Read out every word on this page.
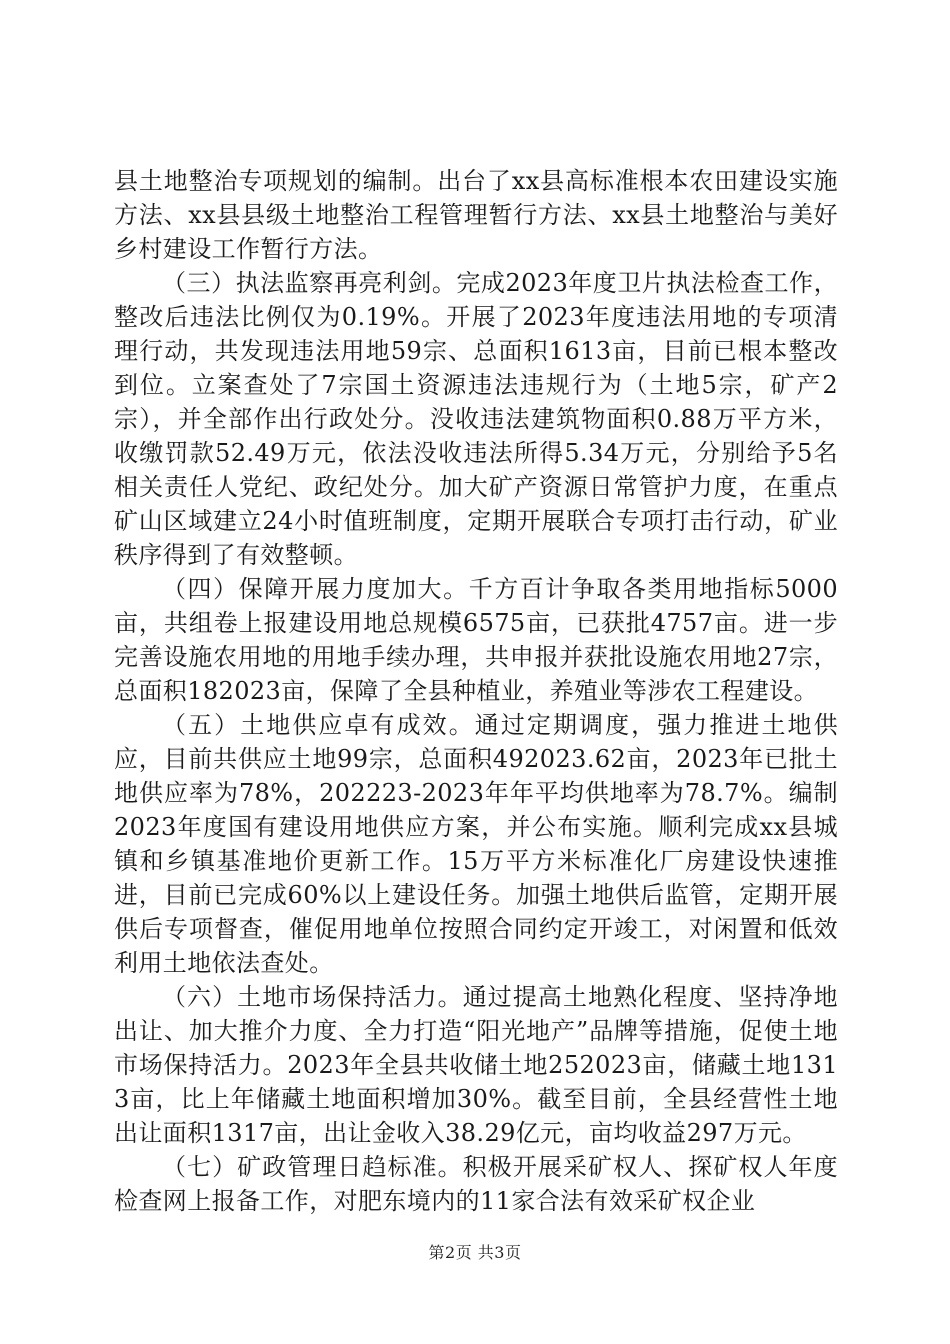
县土地整治专项规划的编制。出台了xx县高标准根本农田建设实施方法、xx县县级土地整治工程管理暂行方法、xx县土地整治与美好乡村建设工作暂行方法。

（三）执法监察再亮利剑。完成2023年度卫片执法检查工作，整改后违法比例仅为0.19%。开展了2023年度违法用地的专项清理行动，共发现违法用地59宗、总面积1613亩，目前已根本整改到位。立案查处了7宗国土资源违法违规行为（土地5宗，矿产2宗），并全部作出行政处分。没收违法建筑物面积0.88万平方米，收缴罚款52.49万元，依法没收违法所得5.34万元，分别给予5名相关责任人党纪、政纪处分。加大矿产资源日常管护力度，在重点矿山区域建立24小时值班制度，定期开展联合专项打击行动，矿业秩序得到了有效整顿。

（四）保障开展力度加大。千方百计争取各类用地指标5000亩，共组卷上报建设用地总规模6575亩，已获批4757亩。进一步完善设施农用地的用地手续办理，共申报并获批设施农用地27宗，总面积182023亩，保障了全县种植业，养殖业等涉农工程建设。

（五）土地供应卓有成效。通过定期调度，强力推进土地供应，目前共供应土地99宗，总面积492023.62亩，2023年已批土地供应率为78%，202223-2023年年平均供地率为78.7%。编制2023年度国有建设用地供应方案，并公布实施。顺利完成xx县城镇和乡镇基准地价更新工作。15万平方米标准化厂房建设快速推进，目前已完成60%以上建设任务。加强土地供后监管，定期开展供后专项督查，催促用地单位按照合同约定开竣工，对闲置和低效利用土地依法查处。

（六）土地市场保持活力。通过提高土地熟化程度、坚持净地出让、加大推介力度、全力打造“阳光地产”品牌等措施，促使土地市场保持活力。2023年全县共收储土地252023亩，储藏土地1313亩，比上年储藏土地面积增加30%。截至目前，全县经营性土地出让面积1317亩，出让金收入38.29亿元，亩均收益297万元。

（七）矿政管理日趋标准。积极开展采矿权人、探矿权人年度检查网上报备工作，对肥东境内的11家合法有效采矿权企业

第2页 共3页
